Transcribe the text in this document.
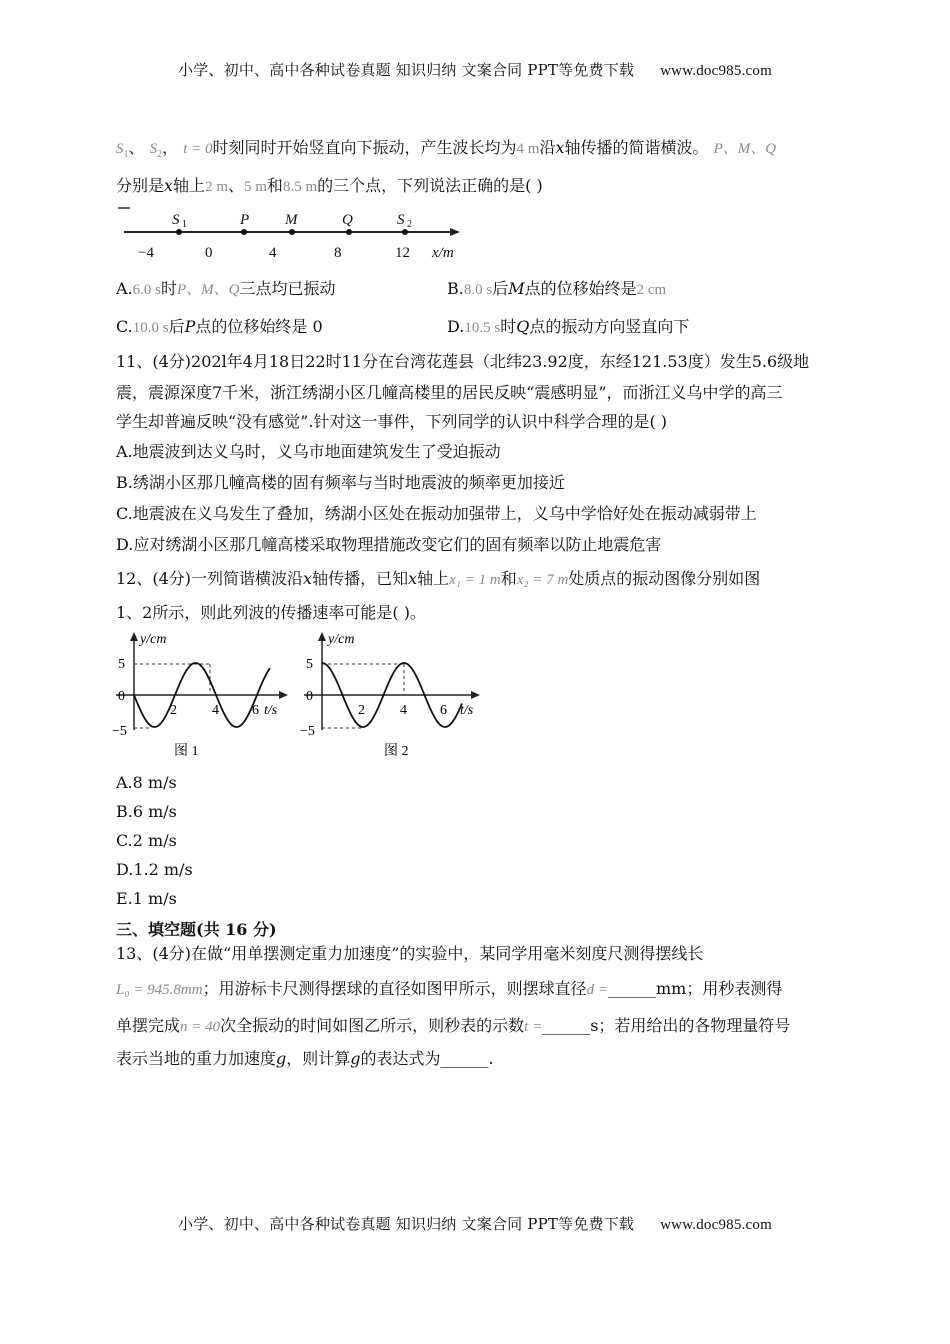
小学、初中、高中各种试卷真题 知识归纳 文案合同 PPT等免费下载 www.doc985.com
$S_1$、 $S_2$， t = 0时刻同时开始竖直向下振动，产生波长均为4 m沿x轴传播的简谐横波。 P、M、Q
分别是x轴上2 m、5 m和8.5 m的三个点，下列说法正确的是( )
−4	0	4	8	12 x/m
S 1	P M	Q	S 2
A.6.0 s时P、M、Q三点均已振动	B.8.0 s后M点的位移始终是2 cm
C.10.0 s后P点的位移始终是 0	D.10.5 s时Q点的振动方向竖直向下
11、(4分)202l年4月18日22时11分在台湾花莲县（北纬23.92度，东经121.53度）发生5.6级地
震，震源深度7千米，浙江绣湖小区几幢高楼里的居民反映“震感明显”，而浙江义乌中学的高三
学生却普遍反映“没有感觉”.针对这一事件，下列同学的认识中科学合理的是( )
A.地震波到达义乌时，义乌市地面建筑发生了受迫振动
B.绣湖小区那几幢高楼的固有频率与当时地震波的频率更加接近
C.地震波在义乌发生了叠加，绣湖小区处在振动加强带上，义乌中学恰好处在振动减弱带上
D.应对绣湖小区那几幢高楼采取物理措施改变它们的固有频率以防止地震危害
12、(4分)一列简谐横波沿x轴传播，已知x轴上x₁ = 1 m和x₂ = 7 m处质点的振动图像分别如图
1、2所示，则此列波的传播速率可能是( )。
y/cm
t/s
5
0
−5
2	4 6
图 1
y/cm
t/s
5
0
−5
2	4 6
图 2
A.8 m/s
B.6 m/s
C.2 m/s
D.1.2 m/s
E.1 m/s
三、填空题(共 16 分)
13、(4分)在做“用单摆测定重力加速度”的实验中，某同学用毫米刻度尺测得摆线长
L₀ = 945.8mm；用游标卡尺测得摆球的直径如图甲所示，则摆球直径d =______mm；用秒表测得
单摆完成n = 40次全振动的时间如图乙所示，则秒表的示数t =______s；若用给出的各物理量符号
表示当地的重力加速度g，则计算g的表达式为______.
小学、初中、高中各种试卷真题 知识归纳 文案合同 PPT等免费下载 www.doc985.com
